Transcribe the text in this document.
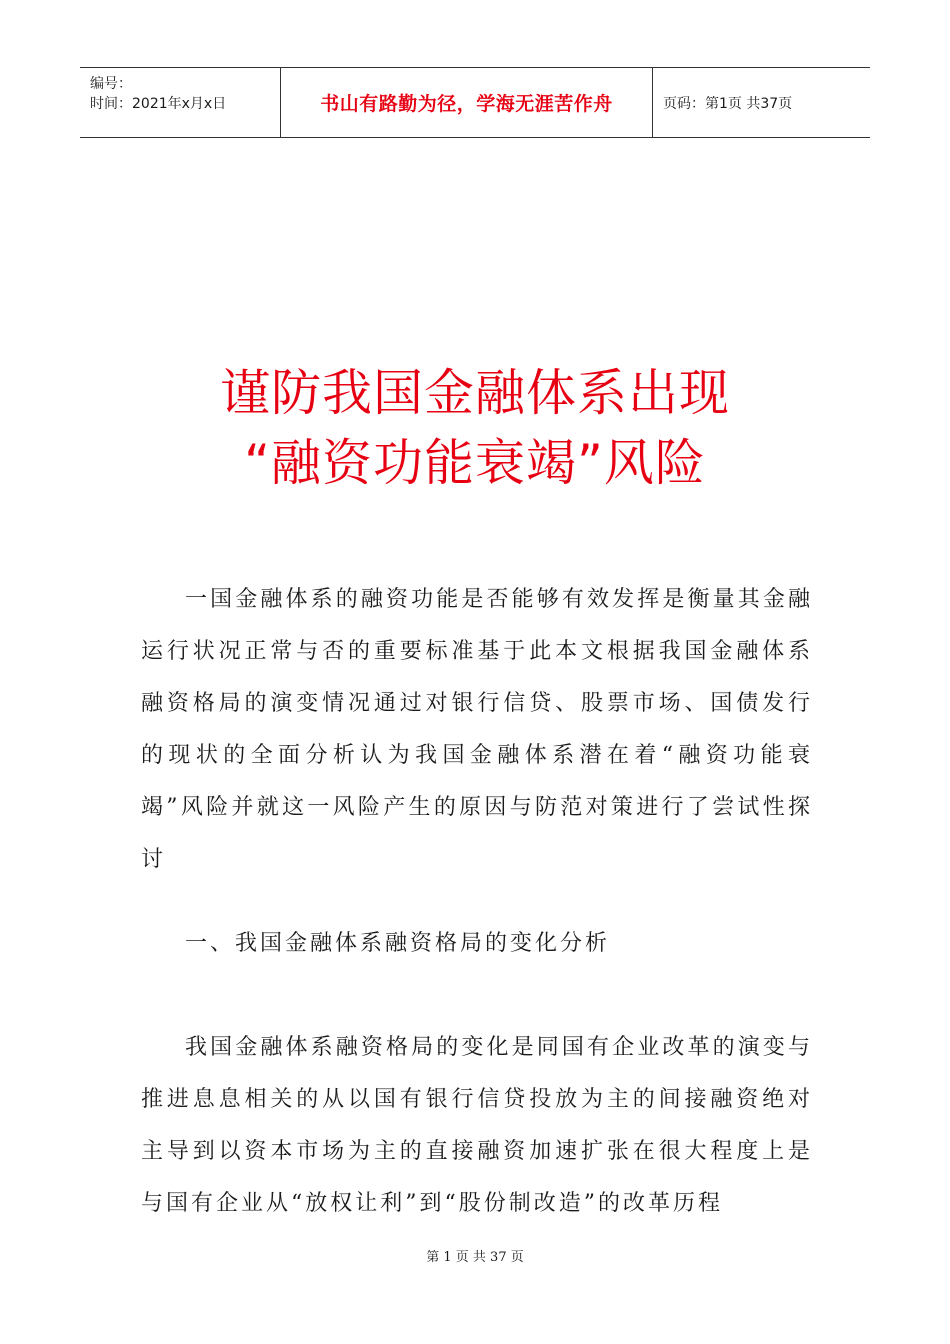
编号：
时间：2021年x月x日	书山有路勤为径，学海无涯苦作舟	页码：第1页 共37页
谨防我国金融体系出现
“融资功能衰竭”风险

一国金融体系的融资功能是否能够有效发挥是衡量其金融运行状况正常与否的重要标准基于此本文根据我国金融体系融资格局的演变情况通过对银行信贷、股票市场、国债发行的现状的全面分析认为我国金融体系潜在着“融资功能衰竭”风险并就这一风险产生的原因与防范对策进行了尝试性探讨

一、我国金融体系融资格局的变化分析

我国金融体系融资格局的变化是同国有企业改革的演变与推进息息相关的从以国有银行信贷投放为主的间接融资绝对主导到以资本市场为主的直接融资加速扩张在很大程度上是与国有企业从“放权让利”到“股份制改造”的改革历程

第 1 页 共 37 页
